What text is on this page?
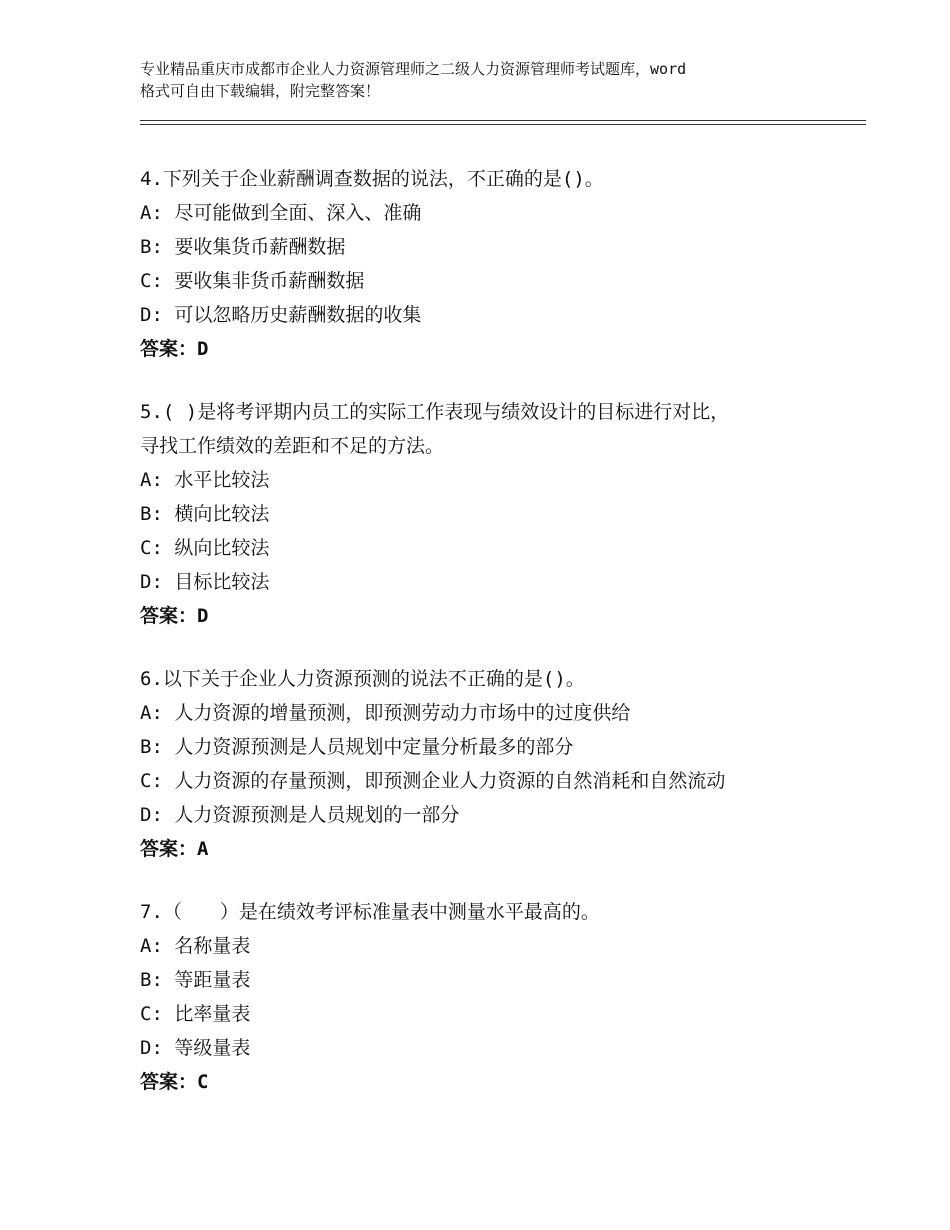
专业精品重庆市成都市企业人力资源管理师之二级人力资源管理师考试题库，word
格式可自由下载编辑，附完整答案！
4.下列关于企业薪酬调查数据的说法，不正确的是()。
A: 尽可能做到全面、深入、准确
B: 要收集货币薪酬数据
C: 要收集非货币薪酬数据
D: 可以忽略历史薪酬数据的收集
答案：D
5.( )是将考评期内员工的实际工作表现与绩效设计的目标进行对比，
寻找工作绩效的差距和不足的方法。
A: 水平比较法
B: 横向比较法
C: 纵向比较法
D: 目标比较法
答案：D
6.以下关于企业人力资源预测的说法不正确的是()。
A: 人力资源的增量预测，即预测劳动力市场中的过度供给
B: 人力资源预测是人员规划中定量分析最多的部分
C: 人力资源的存量预测，即预测企业人力资源的自然消耗和自然流动
D: 人力资源预测是人员规划的一部分
答案：A
7.（　　）是在绩效考评标准量表中测量水平最高的。
A: 名称量表
B: 等距量表
C: 比率量表
D: 等级量表
答案：C
